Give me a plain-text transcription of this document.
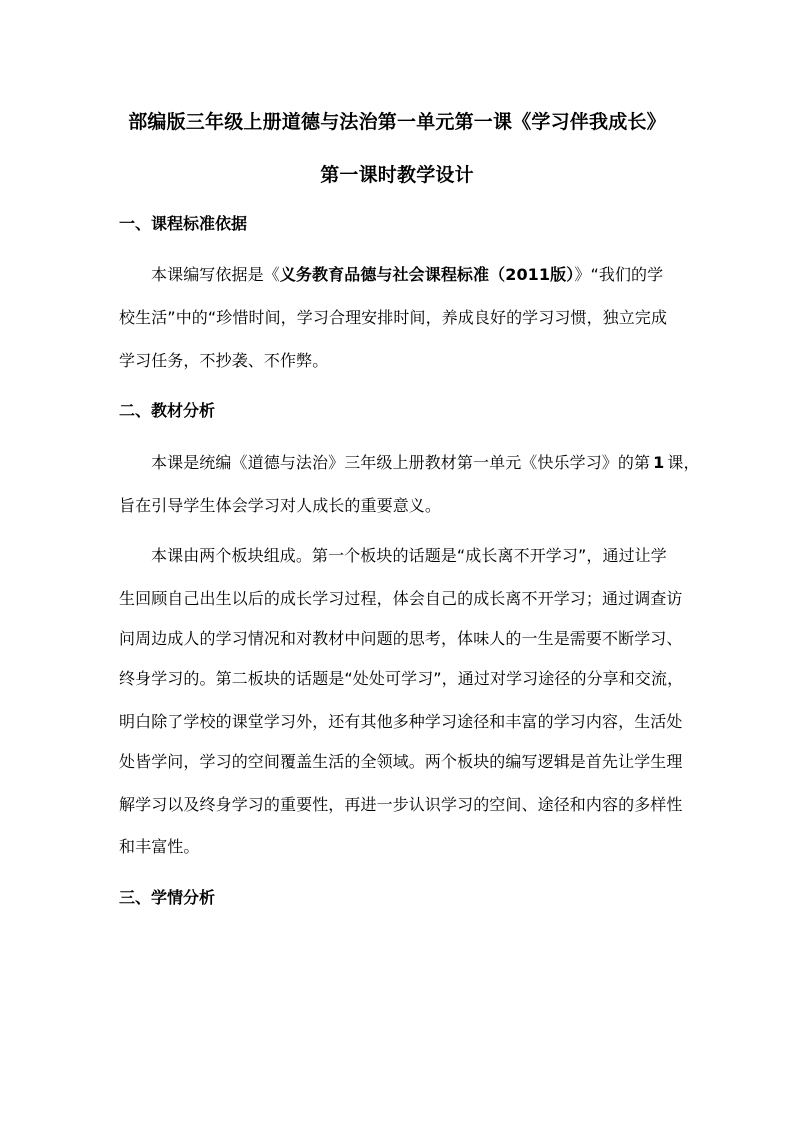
部编版三年级上册道德与法治第一单元第一课《学习伴我成长》
第一课时教学设计
一、课程标准依据
本课编写依据是《义务教育品德与社会课程标准（2011版）》“我们的学
校生活”中的“珍惜时间，学习合理安排时间，养成良好的学习习惯，独立完成
学习任务，不抄袭、不作弊。
二、教材分析
本课是统编《道德与法治》三年级上册教材第一单元《快乐学习》的第 1 课，
旨在引导学生体会学习对人成长的重要意义。
本课由两个板块组成。第一个板块的话题是“成长离不开学习”，通过让学
生回顾自己出生以后的成长学习过程，体会自己的成长离不开学习；通过调查访
问周边成人的学习情况和对教材中问题的思考，体味人的一生是需要不断学习、
终身学习的。第二板块的话题是“处处可学习”，通过对学习途径的分享和交流，
明白除了学校的课堂学习外，还有其他多种学习途径和丰富的学习内容，生活处
处皆学问，学习的空间覆盖生活的全领域。两个板块的编写逻辑是首先让学生理
解学习以及终身学习的重要性，再进一步认识学习的空间、途径和内容的多样性
和丰富性。
三、学情分析
